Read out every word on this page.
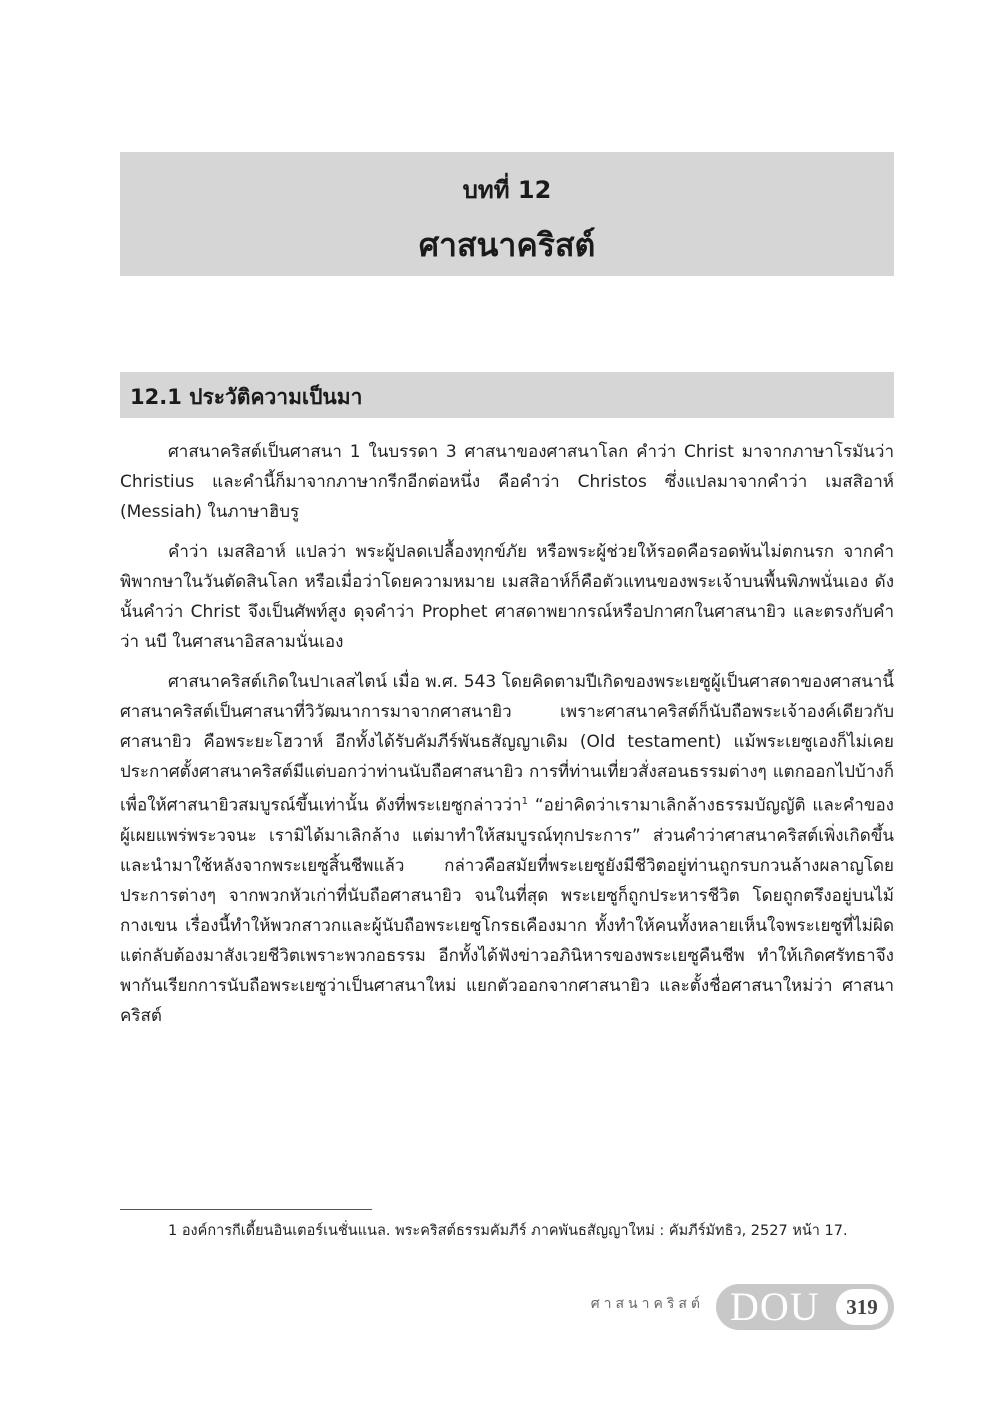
บทที่ 12
ศาสนาคริสต์
12.1 ประวัติความเป็นมา

ศาสนาคริสต์เป็นศาสนา 1 ในบรรดา 3 ศาสนาของศาสนาโลก คำว่า Christ มาจากภาษาโรมันว่า Christius และคำนี้ก็มาจากภาษากรีกอีกต่อหนึ่ง คือคำว่า Christos ซึ่งแปลมาจากคำว่า เมสสิอาห์ (Messiah) ในภาษาฮิบรู

คำว่า เมสสิอาห์ แปลว่า พระผู้ปลดเปลื้องทุกข์ภัย หรือพระผู้ช่วยให้รอดคือรอดพ้นไม่ตกนรก จากคำพิพากษาในวันตัดสินโลก หรือเมื่อว่าโดยความหมาย เมสสิอาห์ก็คือตัวแทนของพระเจ้าบนพื้นพิภพนั่นเอง ดังนั้นคำว่า Christ จึงเป็นศัพท์สูง ดุจคำว่า Prophet ศาสดาพยากรณ์หรือปกาศกในศาสนายิว และตรงกับคำว่า นบี ในศาสนาอิสลามนั่นเอง

ศาสนาคริสต์เกิดในปาเลสไตน์ เมื่อ พ.ศ. 543 โดยคิดตามปีเกิดของพระเยซูผู้เป็นศาสดาของศาสนานี้ ศาสนาคริสต์เป็นศาสนาที่วิวัฒนาการมาจากศาสนายิว เพราะศาสนาคริสต์ก็นับถือพระเจ้าองค์เดียวกับศาสนายิว คือพระยะโฮวาห์ อีกทั้งได้รับคัมภีร์พันธสัญญาเดิม (Old testament) แม้พระเยซูเองก็ไม่เคยประกาศตั้งศาสนาคริสต์มีแต่บอกว่าท่านนับถือศาสนายิว การที่ท่านเที่ยวสั่งสอนธรรมต่างๆ แตกออกไปบ้างก็เพื่อให้ศาสนายิวสมบูรณ์ขึ้นเท่านั้น ดังที่พระเยซูกล่าวว่า$^1$ “อย่าคิดว่าเรามาเลิกล้างธรรมบัญญัติ และคำของผู้เผยแพร่พระวจนะ เรามิได้มาเลิกล้าง แต่มาทำให้สมบูรณ์ทุกประการ” ส่วนคำว่าศาสนาคริสต์เพิ่งเกิดขึ้นและนำมาใช้หลังจากพระเยซูสิ้นชีพแล้ว กล่าวคือสมัยที่พระเยซูยังมีชีวิตอยู่ท่านถูกรบกวนล้างผลาญโดยประการต่างๆ จากพวกหัวเก่าที่นับถือศาสนายิว จนในที่สุด พระเยซูก็ถูกประหารชีวิต โดยถูกตรึงอยู่บนไม้กางเขน เรื่องนี้ทำให้พวกสาวกและผู้นับถือพระเยซูโกรธเคืองมาก ทั้งทำให้คนทั้งหลายเห็นใจพระเยซูที่ไม่ผิดแต่กลับต้องมาสังเวยชีวิตเพราะพวกอธรรม อีกทั้งได้ฟังข่าวอภินิหารของพระเยซูคืนชีพ ทำให้เกิดศรัทธาจึงพากันเรียกการนับถือพระเยซูว่าเป็นศาสนาใหม่ แยกตัวออกจากศาสนายิว และตั้งชื่อศาสนาใหม่ว่า ศาสนาคริสต์

1 องค์การกีเดี้ยนอินเตอร์เนชั่นแนล. พระคริสต์ธรรมคัมภีร์ ภาคพันธสัญญาใหม่ : คัมภีร์มัทธิว, 2527 หน้า 17.
ศาสนาคริสต์ DOU	319
